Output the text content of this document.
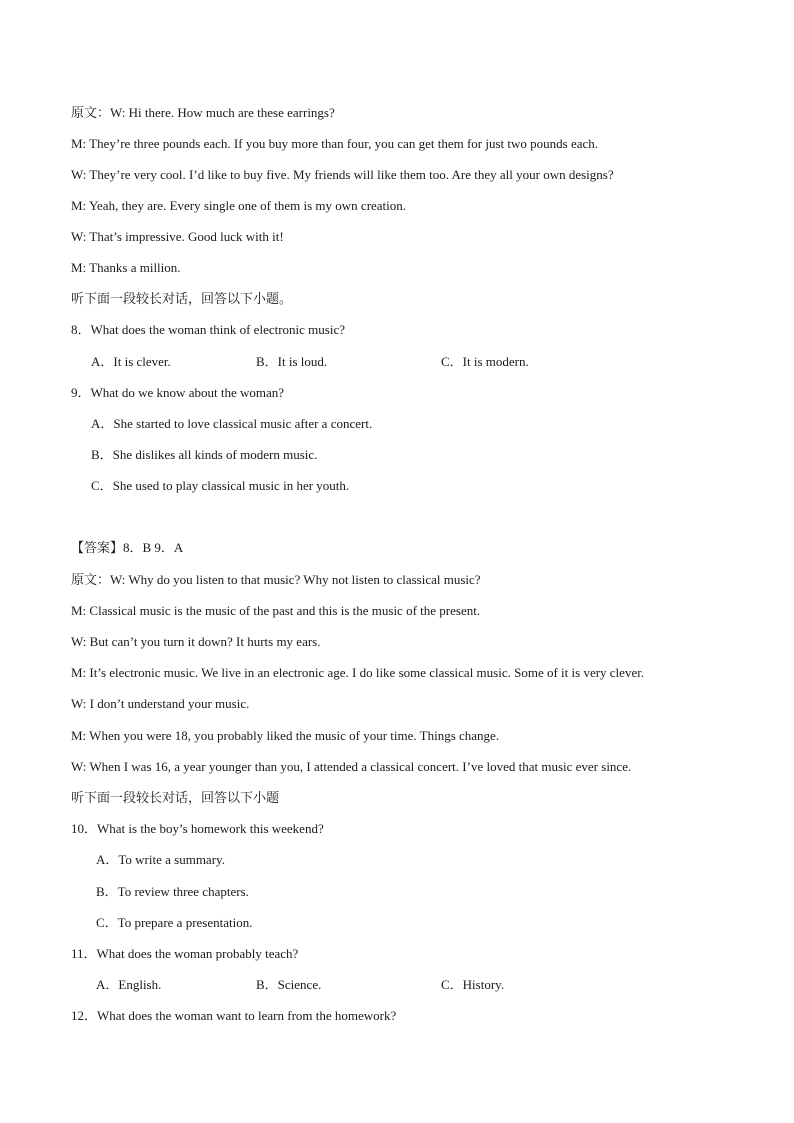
原文：W: Hi there. How much are these earrings?
M: They’re three pounds each. If you buy more than four, you can get them for just two pounds each.
W: They’re very cool. I’d like to buy five. My friends will like them too. Are they all your own designs?
M: Yeah, they are. Every single one of them is my own creation.
W: That’s impressive. Good luck with it!
M: Thanks a million.
听下面一段较长对话，回答以下小题。
8．What does the woman think of electronic music?
A．It is clever.	B．It is loud.	C．It is modern.
9．What do we know about the woman?
A．She started to love classical music after a concert.
B．She dislikes all kinds of modern music.
C．She used to play classical music in her youth.
【答案】8．B 9．A
原文：W: Why do you listen to that music? Why not listen to classical music?
M: Classical music is the music of the past and this is the music of the present.
W: But can’t you turn it down? It hurts my ears.
M: It’s electronic music. We live in an electronic age. I do like some classical music. Some of it is very clever.
W: I don’t understand your music.
M: When you were 18, you probably liked the music of your time. Things change.
W: When I was 16, a year younger than you, I attended a classical concert. I’ve loved that music ever since.
听下面一段较长对话，回答以下小题
10．What is the boy’s homework this weekend?
A．To write a summary.
B．To review three chapters.
C．To prepare a presentation.
11．What does the woman probably teach?
A．English.	B．Science.	C．History.
12．What does the woman want to learn from the homework?
